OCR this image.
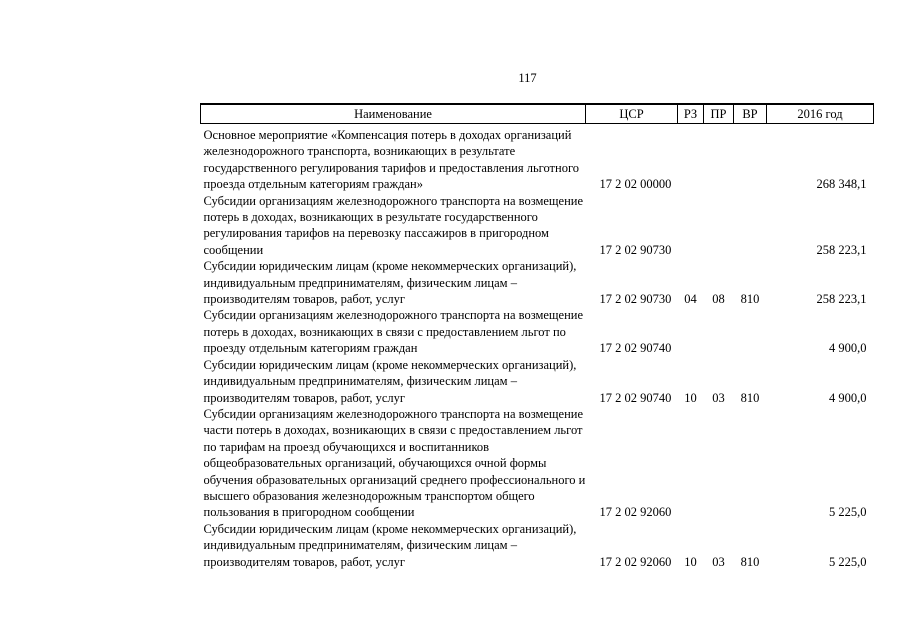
117
Наименование	ЦСР	РЗ	ПР	ВР	2016 год
Основное мероприятие «Компенсация потерь в доходах организаций железнодорожного транспорта, возникающих в результате государственного регулирования тарифов и предоставления льготного проезда отдельным категориям граждан»	17 2 02 00000				268 348,1
Субсидии организациям железнодорожного транспорта на возмещение потерь в доходах, возникающих в результате государственного регулирования тарифов на перевозку пассажиров в пригородном сообщении	17 2 02 90730				258 223,1
Субсидии юридическим лицам (кроме некоммерческих организаций), индивидуальным предпринимателям, физическим лицам – производителям товаров, работ, услуг	17 2 02 90730	04	08	810	258 223,1
Субсидии организациям железнодорожного транспорта на возмещение потерь в доходах, возникающих в связи с предоставлением льгот по проезду отдельным категориям граждан	17 2 02 90740				4 900,0
Субсидии юридическим лицам (кроме некоммерческих организаций), индивидуальным предпринимателям, физическим лицам – производителям товаров, работ, услуг	17 2 02 90740	10	03	810	4 900,0
Субсидии организациям железнодорожного транспорта на возмещение части потерь в доходах, возникающих в связи с предоставлением льгот по тарифам на проезд обучающихся и воспитанников общеобразовательных организаций, обучающихся очной формы обучения образовательных организаций среднего профессионального и высшего образования железнодорожным транспортом общего пользования в пригородном сообщении	17 2 02 92060				5 225,0
Субсидии юридическим лицам (кроме некоммерческих организаций), индивидуальным предпринимателям, физическим лицам – производителям товаров, работ, услуг	17 2 02 92060	10	03	810	5 225,0
